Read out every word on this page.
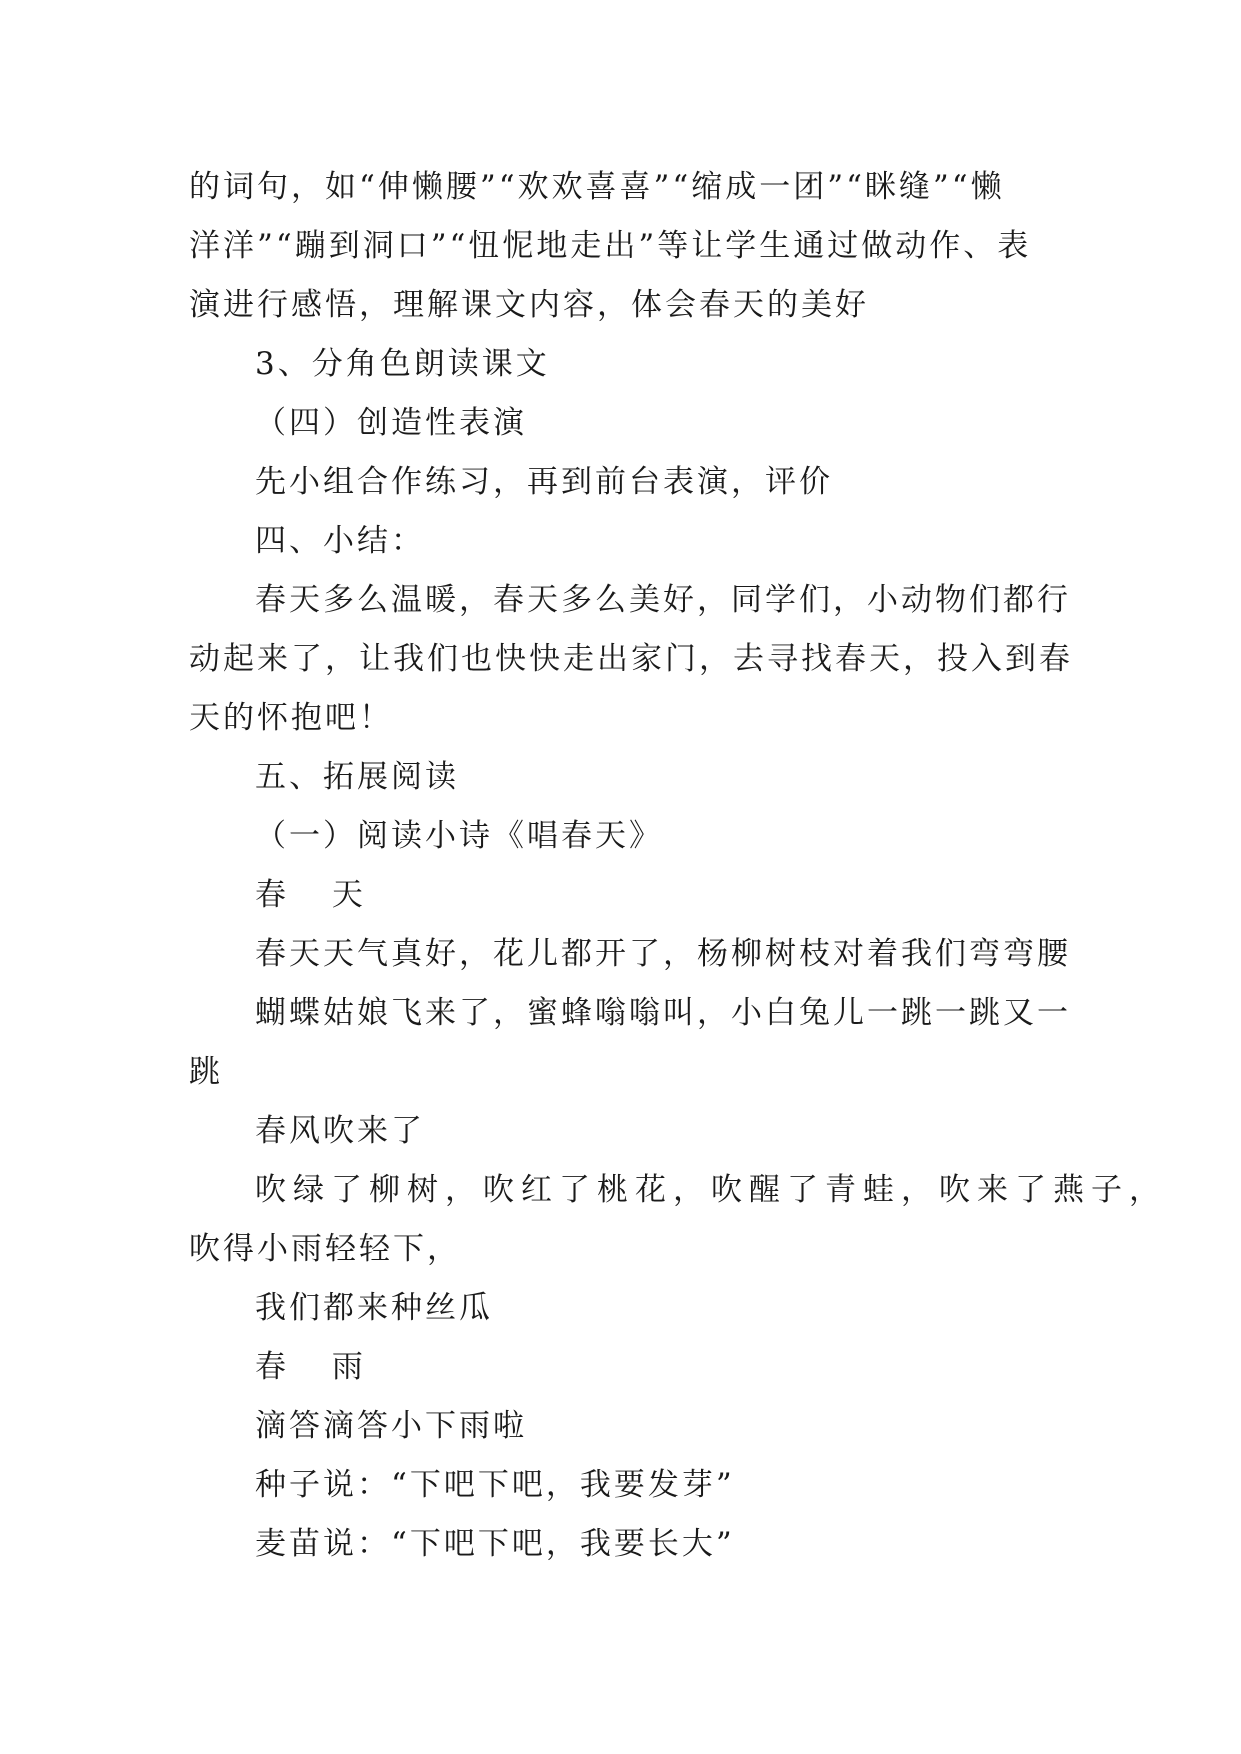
的词句，如“伸懒腰”“欢欢喜喜”“缩成一团”“眯缝”“懒
洋洋”“蹦到洞口”“忸怩地走出”等让学生通过做动作、表
演进行感悟，理解课文内容，体会春天的美好
3、分角色朗读课文
（四）创造性表演
先小组合作练习，再到前台表演，评价
四、小结：
春天多么温暖，春天多么美好，同学们，小动物们都行
动起来了，让我们也快快走出家门，去寻找春天，投入到春
天的怀抱吧！
五、拓展阅读
（一）阅读小诗《唱春天》
春 天
春天天气真好，花儿都开了，杨柳树枝对着我们弯弯腰
蝴蝶姑娘飞来了，蜜蜂嗡嗡叫，小白兔儿一跳一跳又一
跳
春风吹来了
吹绿了柳树，吹红了桃花，吹醒了青蛙，吹来了燕子，
吹得小雨轻轻下，
我们都来种丝瓜
春 雨
滴答滴答小下雨啦
种子说：“下吧下吧，我要发芽”
麦苗说：“下吧下吧，我要长大”
